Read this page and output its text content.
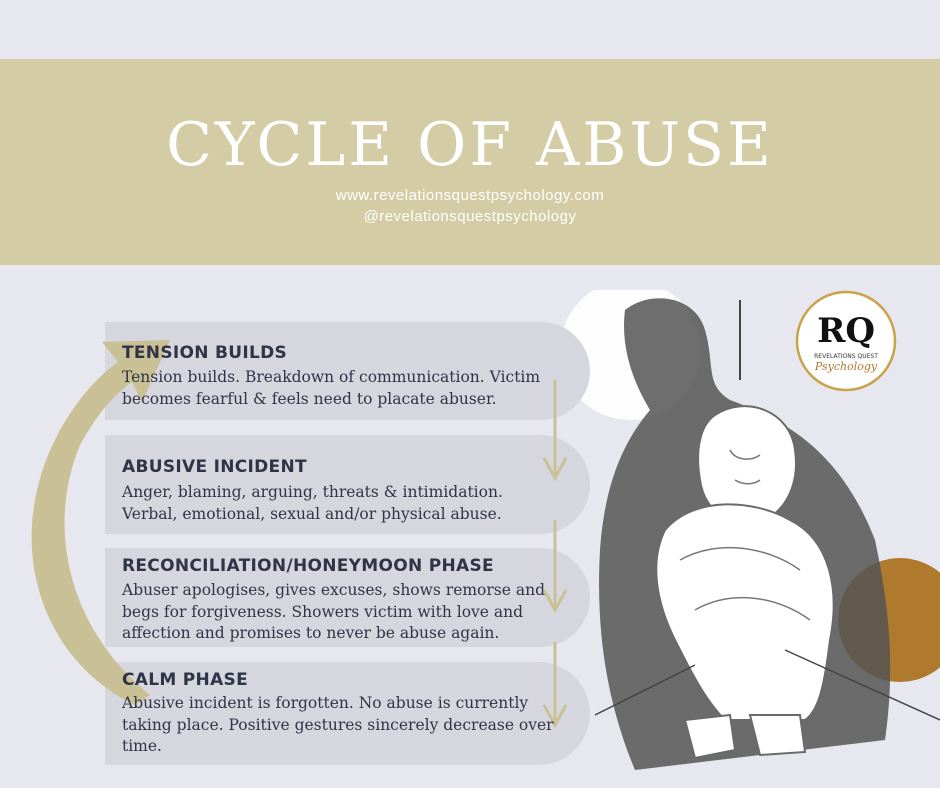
CYCLE OF ABUSE
www.revelationsquestpsychology.com
@revelationsquestpsychology
TENSION BUILDS
Tension builds. Breakdown of communication. Victim becomes fearful & feels need to placate abuser.
ABUSIVE INCIDENT
Anger, blaming, arguing, threats & intimidation. Verbal, emotional, sexual and/or physical abuse.
RECONCILIATION/HONEYMOON PHASE
Abuser apologises, gives excuses, shows remorse and begs for forgiveness. Showers victim with love and affection and promises to never be abuse again.
CALM PHASE
Abusive incident is forgotten. No abuse is currently taking place. Positive gestures sincerely decrease over time.
RQ
REVELATIONS QUEST
Psychology
